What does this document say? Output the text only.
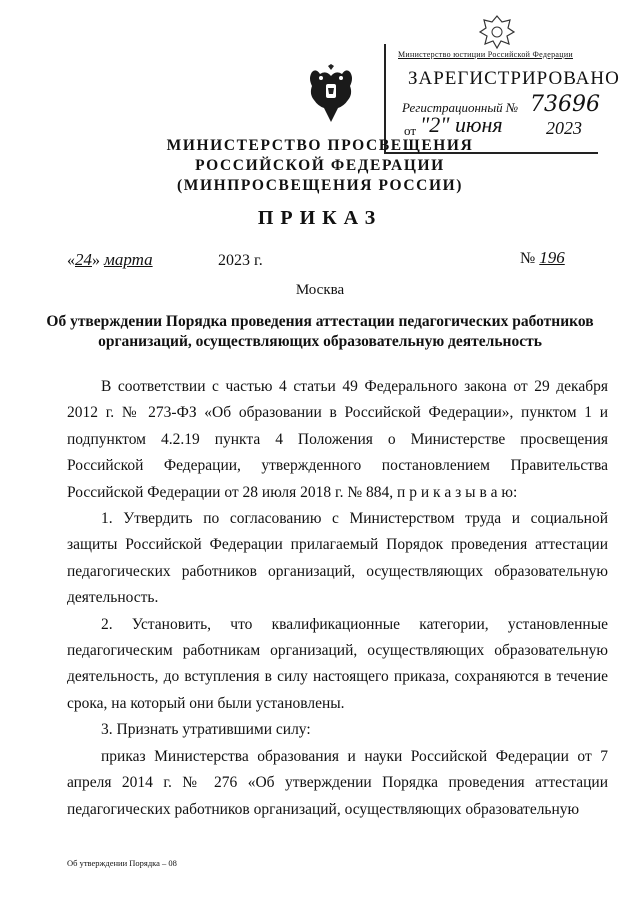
Министерство юстиции Российской Федерации
ЗАРЕГИСТРИРОВАНО
Регистрационный № 73696
от "2" июня 2023
МИНИСТЕРСТВО ПРОСВЕЩЕНИЯ
РОССИЙСКОЙ ФЕДЕРАЦИИ
(МИНПРОСВЕЩЕНИЯ РОССИИ)
ПРИКАЗ
«24» марта	2023 г.	№ 196
Москва
Об утверждении Порядка проведения аттестации педагогических работников организаций, осуществляющих образовательную деятельность

В соответствии с частью 4 статьи 49 Федерального закона от 29 декабря 2012 г. № 273-ФЗ «Об образовании в Российской Федерации», пунктом 1 и подпунктом 4.2.19 пункта 4 Положения о Министерстве просвещения Российской Федерации, утвержденного постановлением Правительства Российской Федерации от 28 июля 2018 г. № 884, п р и к а з ы в а ю:

1. Утвердить по согласованию с Министерством труда и социальной защиты Российской Федерации прилагаемый Порядок проведения аттестации педагогических работников организаций, осуществляющих образовательную деятельность.

2. Установить, что квалификационные категории, установленные педагогическим работникам организаций, осуществляющих образовательную деятельность, до вступления в силу настоящего приказа, сохраняются в течение срока, на который они были установлены.

3. Признать утратившими силу:

приказ Министерства образования и науки Российской Федерации от 7 апреля 2014 г. № 276 «Об утверждении Порядка проведения аттестации педагогических работников организаций, осуществляющих образовательную

Об утверждении Порядка – 08
